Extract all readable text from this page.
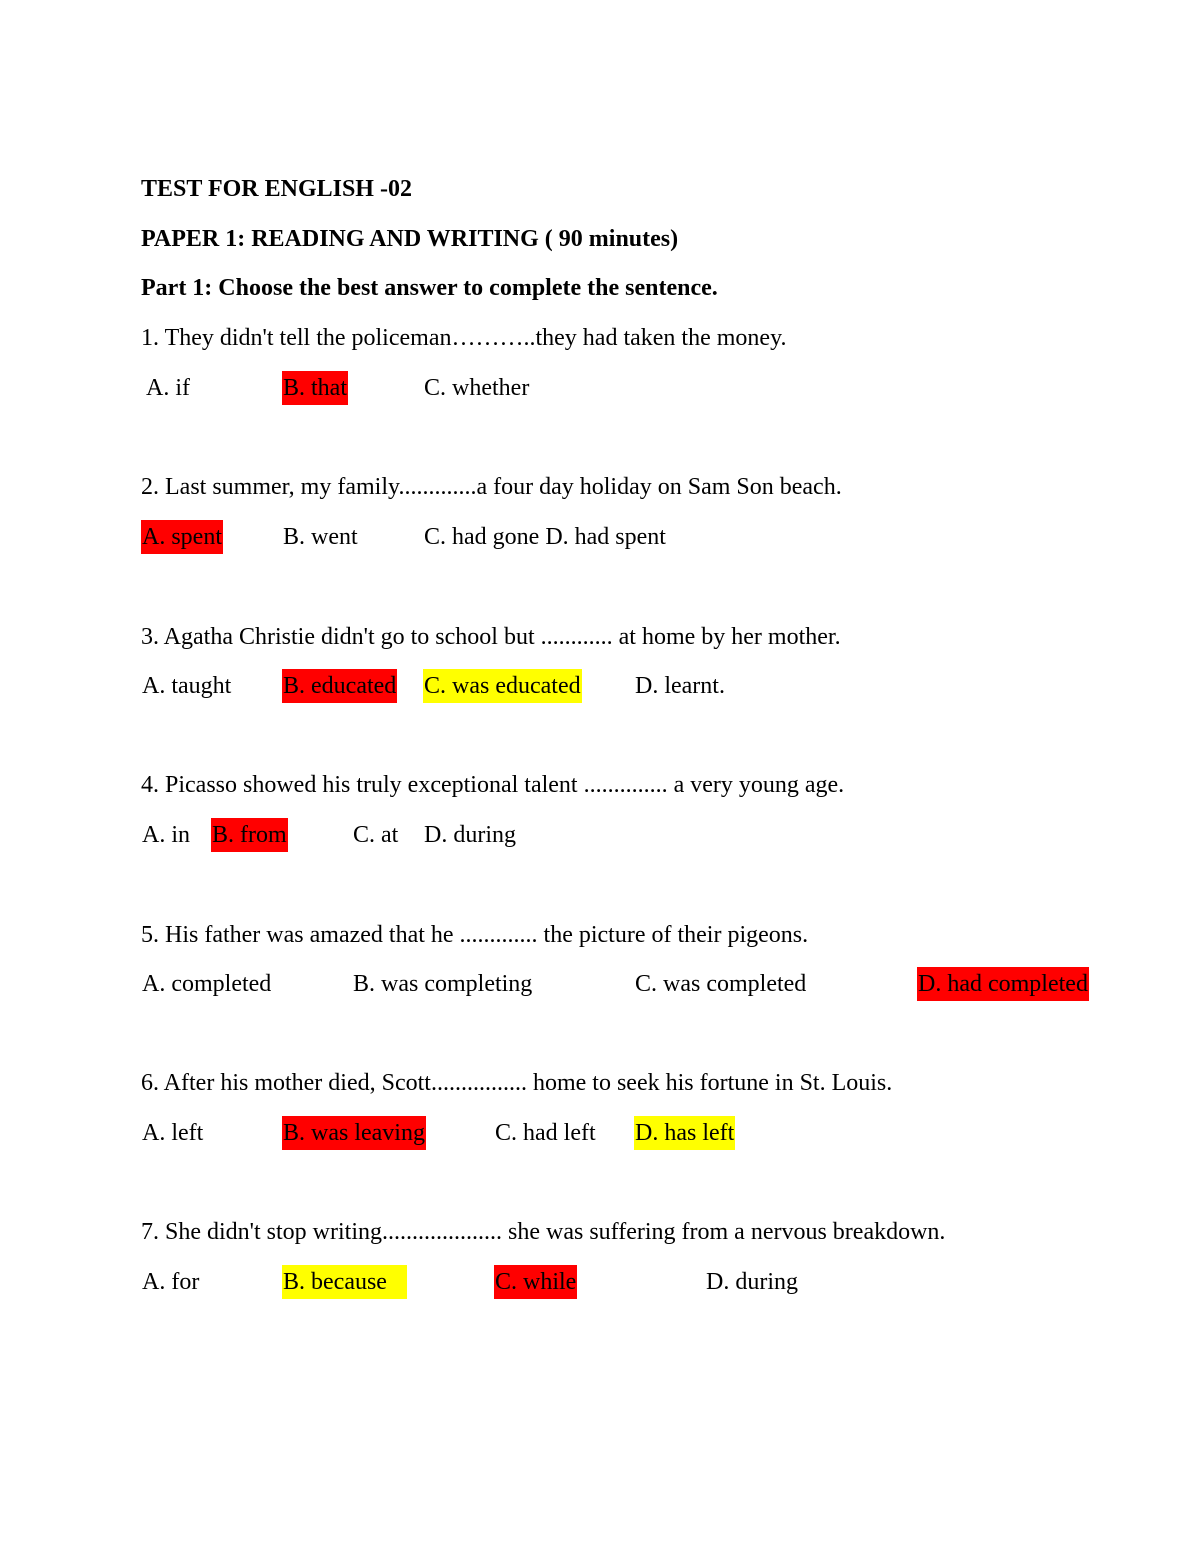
TEST FOR ENGLISH -02
PAPER 1: READING AND WRITING ( 90 minutes)
Part 1: Choose the best answer to complete the sentence.
1. They didn't tell the policeman………..they had taken the money.
A. if	B. that	C. whether
2. Last summer, my family.............a four day holiday on Sam Son beach.
A. spent	B. went	C. had gone D. had spent
3. Agatha Christie didn't go to school but ............ at home by her mother.
A. taught B. educated C. was educated D. learnt.
4. Picasso showed his truly exceptional talent .............. a very young age.
A. in B. from	C. at D. during
5. His father was amazed that he ............. the picture of their pigeons.
A. completed	B. was completing	C. was completed	D. had completed
6. After his mother died, Scott................ home to seek his fortune in St. Louis.
A. left	B. was leaving	C. had left D. has left
7. She didn't stop writing.................... she was suffering from a nervous breakdown.
A. for	B. because	C. while	D. during
